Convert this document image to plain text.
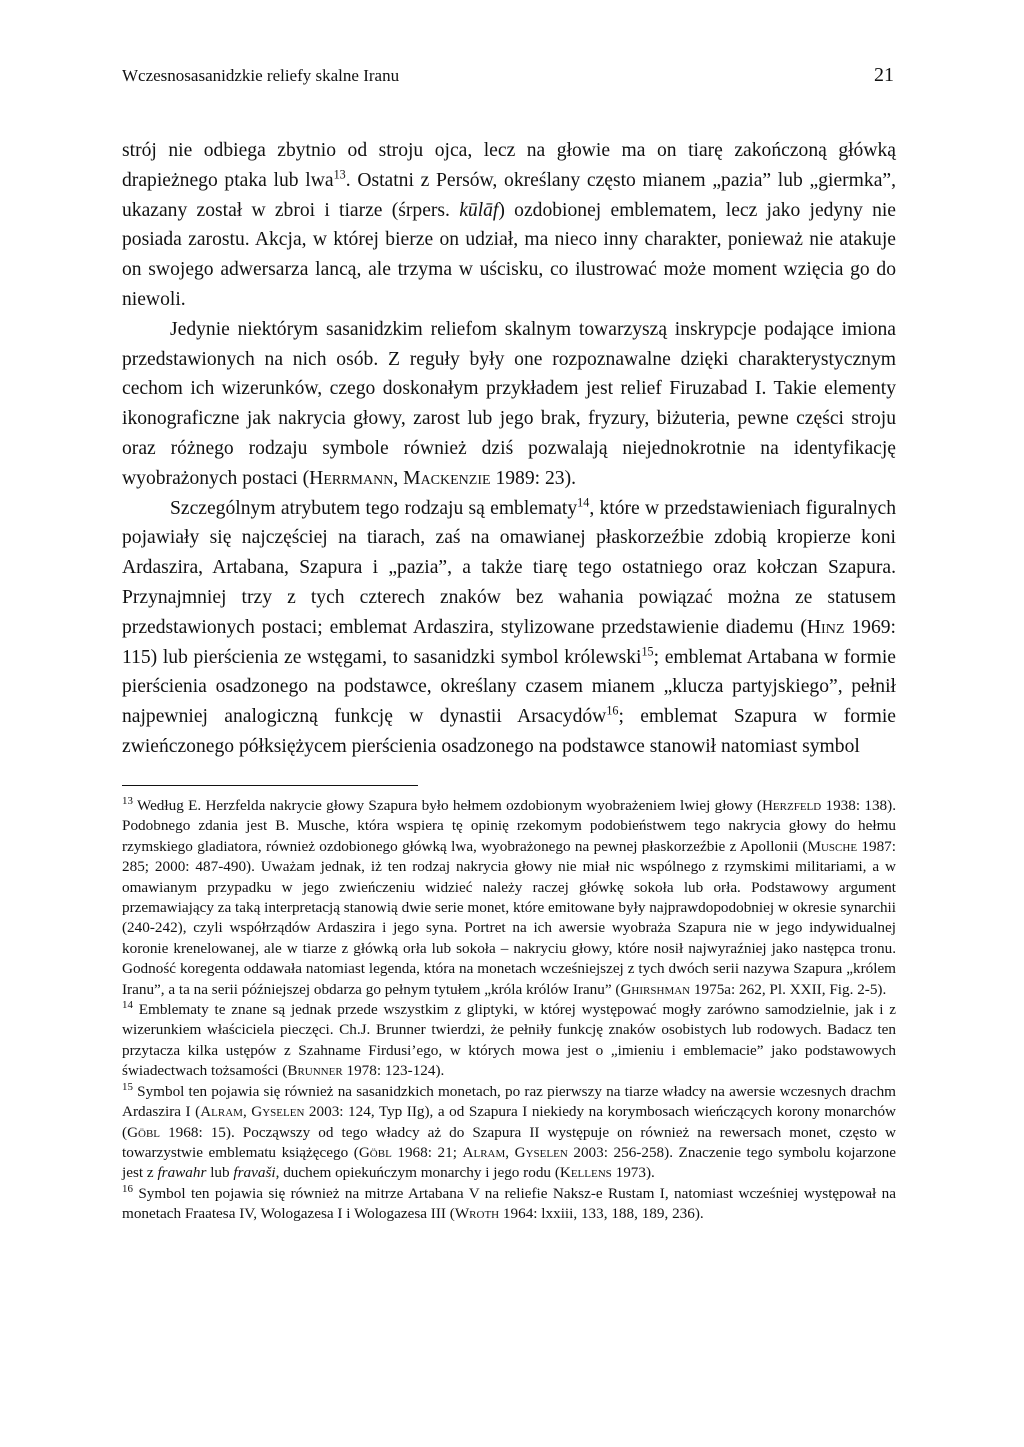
Wczesnosasanidzkie reliefy skalne Iranu	21

strój nie odbiega zbytnio od stroju ojca, lecz na głowie ma on tiarę zakończoną główką drapieżnego ptaka lub lwa$^{13}$. Ostatni z Persów, określany często mianem „pazia” lub „giermka”, ukazany został w zbroi i tiarze (śrpers. kūlāf) ozdobionej emblematem, lecz jako jedyny nie posiada zarostu. Akcja, w której bierze on udział, ma nieco inny charakter, ponieważ nie atakuje on swojego adwersarza lancą, ale trzyma w uścisku, co ilustrować może moment wzięcia go do niewoli.

Jedynie niektórym sasanidzkim reliefom skalnym towarzyszą inskrypcje podające imiona przedstawionych na nich osób. Z reguły były one rozpoznawalne dzięki charakterystycznym cechom ich wizerunków, czego doskonałym przykładem jest relief Firuzabad I. Takie elementy ikonograficzne jak nakrycia głowy, zarost lub jego brak, fryzury, biżuteria, pewne części stroju oraz różnego rodzaju symbole również dziś pozwalają niejednokrotnie na identyfikację wyobrażonych postaci (Herrmann, Mackenzie 1989: 23).

Szczególnym atrybutem tego rodzaju są emblematy$^{14}$, które w przedstawieniach figuralnych pojawiały się najczęściej na tiarach, zaś na omawianej płaskorzeźbie zdobią kropierze koni Ardaszira, Artabana, Szapura i „pazia”, a także tiarę tego ostatniego oraz kołczan Szapura. Przynajmniej trzy z tych czterech znaków bez wahania powiązać można ze statusem przedstawionych postaci; emblemat Ardaszira, stylizowane przedstawienie diademu (Hinz 1969: 115) lub pierścienia ze wstęgami, to sasanidzki symbol królewski$^{15}$; emblemat Artabana w formie pierścienia osadzonego na podstawce, określany czasem mianem „klucza partyjskiego”, pełnił najpewniej analogiczną funkcję w dynastii Arsacydów$^{16}$; emblemat Szapura w formie zwieńczonego półksiężycem pierścienia osadzonego na podstawce stanowił natomiast symbol

$^{13}$ Według E. Herzfelda nakrycie głowy Szapura było hełmem ozdobionym wyobrażeniem lwiej głowy (Herzfeld 1938: 138). Podobnego zdania jest B. Musche, która wspiera tę opinię rzekomym podobieństwem tego nakrycia głowy do hełmu rzymskiego gladiatora, również ozdobionego główką lwa, wyobrażonego na pewnej płaskorzeźbie z Apollonii (Musche 1987: 285; 2000: 487-490). Uważam jednak, iż ten rodzaj nakrycia głowy nie miał nic wspólnego z rzymskimi militariami, a w omawianym przypadku w jego zwieńczeniu widzieć należy raczej główkę sokoła lub orła. Podstawowy argument przemawiający za taką interpretacją stanowią dwie serie monet, które emitowane były najprawdopodobniej w okresie synarchii (240-242), czyli współrządów Ardaszira i jego syna. Portret na ich awersie wyobraża Szapura nie w jego indywidualnej koronie krenelowanej, ale w tiarze z główką orła lub sokoła – nakryciu głowy, które nosił najwyraźniej jako następca tronu. Godność koregenta oddawała natomiast legenda, która na monetach wcześniejszej z tych dwóch serii nazywa Szapura „królem Iranu”, a ta na serii późniejszej obdarza go pełnym tytułem „króla królów Iranu” (Ghirshman 1975a: 262, Pl. XXII, Fig. 2-5).

$^{14}$ Emblematy te znane są jednak przede wszystkim z gliptyki, w której występować mogły zarówno samodzielnie, jak i z wizerunkiem właściciela pieczęci. Ch.J. Brunner twierdzi, że pełniły funkcję znaków osobistych lub rodowych. Badacz ten przytacza kilka ustępów z Szahname Firdusi’ego, w których mowa jest o „imieniu i emblemacie” jako podstawowych świadectwach tożsamości (Brunner 1978: 123-124).

$^{15}$ Symbol ten pojawia się również na sasanidzkich monetach, po raz pierwszy na tiarze władcy na awersie wczesnych drachm Ardaszira I (Alram, Gyselen 2003: 124, Typ IIg), a od Szapura I niekiedy na korymbosach wieńczących korony monarchów (Göbl 1968: 15). Począwszy od tego władcy aż do Szapura II występuje on również na rewersach monet, często w towarzystwie emblematu książęcego (Göbl 1968: 21; Alram, Gyselen 2003: 256-258). Znaczenie tego symbolu kojarzone jest z frawahr lub fravaši, duchem opiekuńczym monarchy i jego rodu (Kellens 1973).

$^{16}$ Symbol ten pojawia się również na mitrze Artabana V na reliefie Naksz-e Rustam I, natomiast wcześniej występował na monetach Fraatesa IV, Wologazesa I i Wologazesa III (Wroth 1964: lxxiii, 133, 188, 189, 236).
